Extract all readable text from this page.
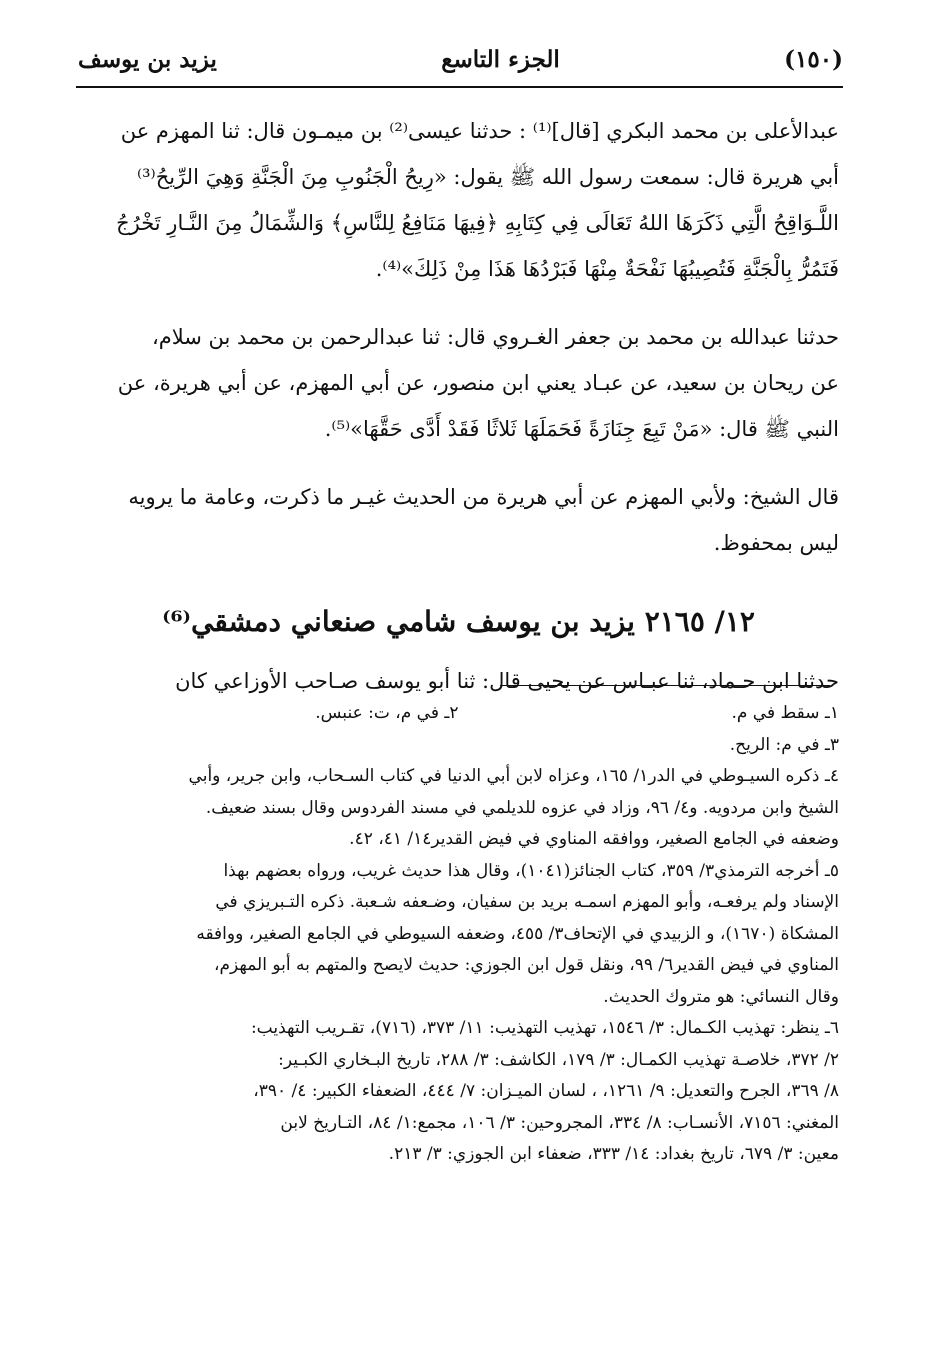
(١٥٠)
الجزء التاسع
يزيد بن يوسف

عبدالأعلى بن محمد البكري [قال]⁽¹⁾ : حدثنا عيسى⁽²⁾ بن ميمـون قال: ثنا المهزم عن

أبي هريرة قال: سمعت رسول الله ﷺ يقول: «رِيحُ الْجَنُوبِ مِنَ الْجَنَّةِ وَهِيَ الرِّيحُ⁽³⁾

اللَّـوَاقِحُ الَّتِي ذَكَرَهَا اللهُ تَعَالَى فِي كِتَابِهِ ﴿فِيهَا مَنَافِعُ لِلنَّاسِ﴾ وَالشِّمَالُ مِنَ النَّـارِ تَخْرُجُ

فَتَمُرُّ بِالْجَنَّةِ فَتُصِيبُهَا نَفْحَةٌ مِنْهَا فَبَرْدُهَا هَذَا مِنْ ذَلِكَ»⁽⁴⁾.

حدثنا عبدالله بن محمد بن جعفر الغـروي قال: ثنا عبدالرحمن بن محمد بن سلام،

عن ريحان بن سعيد، عن عبـاد يعني ابن منصور، عن أبي المهزم، عن أبي هريرة، عن

النبي ﷺ قال: «مَنْ تَبِعَ جِنَازَةً فَحَمَلَهَا ثَلاثًا فَقَدْ أَدَّى حَقَّهَا»⁽⁵⁾.

قال الشيخ: ولأبي المهزم عن أبي هريرة من الحديث غيـر ما ذكرت، وعامة ما يرويه

ليس بمحفوظ.

١٢/ ٢١٦٥ يزيد بن يوسف شامي صنعاني دمشقي⁽⁶⁾

حدثنا ابن حـماد، ثنا عبـاس عن يحيى قال: ثنا أبو يوسف صـاحب الأوزاعي كان

١ـ سقط في م.
٢ـ في م، ت: عنبس.

٣ـ في م: الريح.

٤ـ ذكره السيـوطي في الدر١/ ١٦٥، وعزاه لابن أبي الدنيا في كتاب السـحاب، وابن جرير، وأبي

الشيخ وابن مردويه. و٤/ ٩٦، وزاد في عزوه للديلمي في مسند الفردوس وقال بسند ضعيف.

وضعفه في الجامع الصغير، ووافقه المناوي في فيض القدير١٤/ ٤١، ٤٢.

٥ـ أخرجه الترمذي٣/ ٣٥٩، كتاب الجنائز(١٠٤١)، وقال هذا حديث غريب، ورواه بعضهم بهذا

الإسناد ولم يرفعـه، وأبو المهزم اسمـه بريد بن سفيان، وضـعفه شـعبة. ذكره التـبريزي في

المشكاة (١٦٧٠)، و الزبيدي في الإتحاف٣/ ٤٥٥، وضعفه السيوطي في الجامع الصغير، ووافقه

المناوي في فيض القدير٦/ ٩٩، ونقل قول ابن الجوزي: حديث لايصح والمتهم به أبو المهزم،

وقال النسائي: هو متروك الحديث.

٦ـ ينظر: تهذيب الكـمال: ٣/ ١٥٤٦، تهذيب التهذيب: ١١/ ٣٧٣، (٧١٦)، تقـريب التهذيب:

٢/ ٣٧٢، خلاصـة تهذيب الكمـال: ٣/ ١٧٩، الكاشف: ٣/ ٢٨٨، تاريخ البـخاري الكبـير:

٨/ ٣٦٩، الجرح والتعديل: ٩/ ١٢٦١، ، لسان الميـزان: ٧/ ٤٤٤، الضعفاء الكبير: ٤/ ٣٩٠،

المغني: ٧١٥٦، الأنسـاب: ٨/ ٣٣٤، المجروحين: ٣/ ١٠٦، مجمع:١/ ٨٤، التـاريخ لابن

معين: ٣/ ٦٧٩، تاريخ بغداد: ١٤/ ٣٣٣، ضعفاء ابن الجوزي: ٣/ ٢١٣.
